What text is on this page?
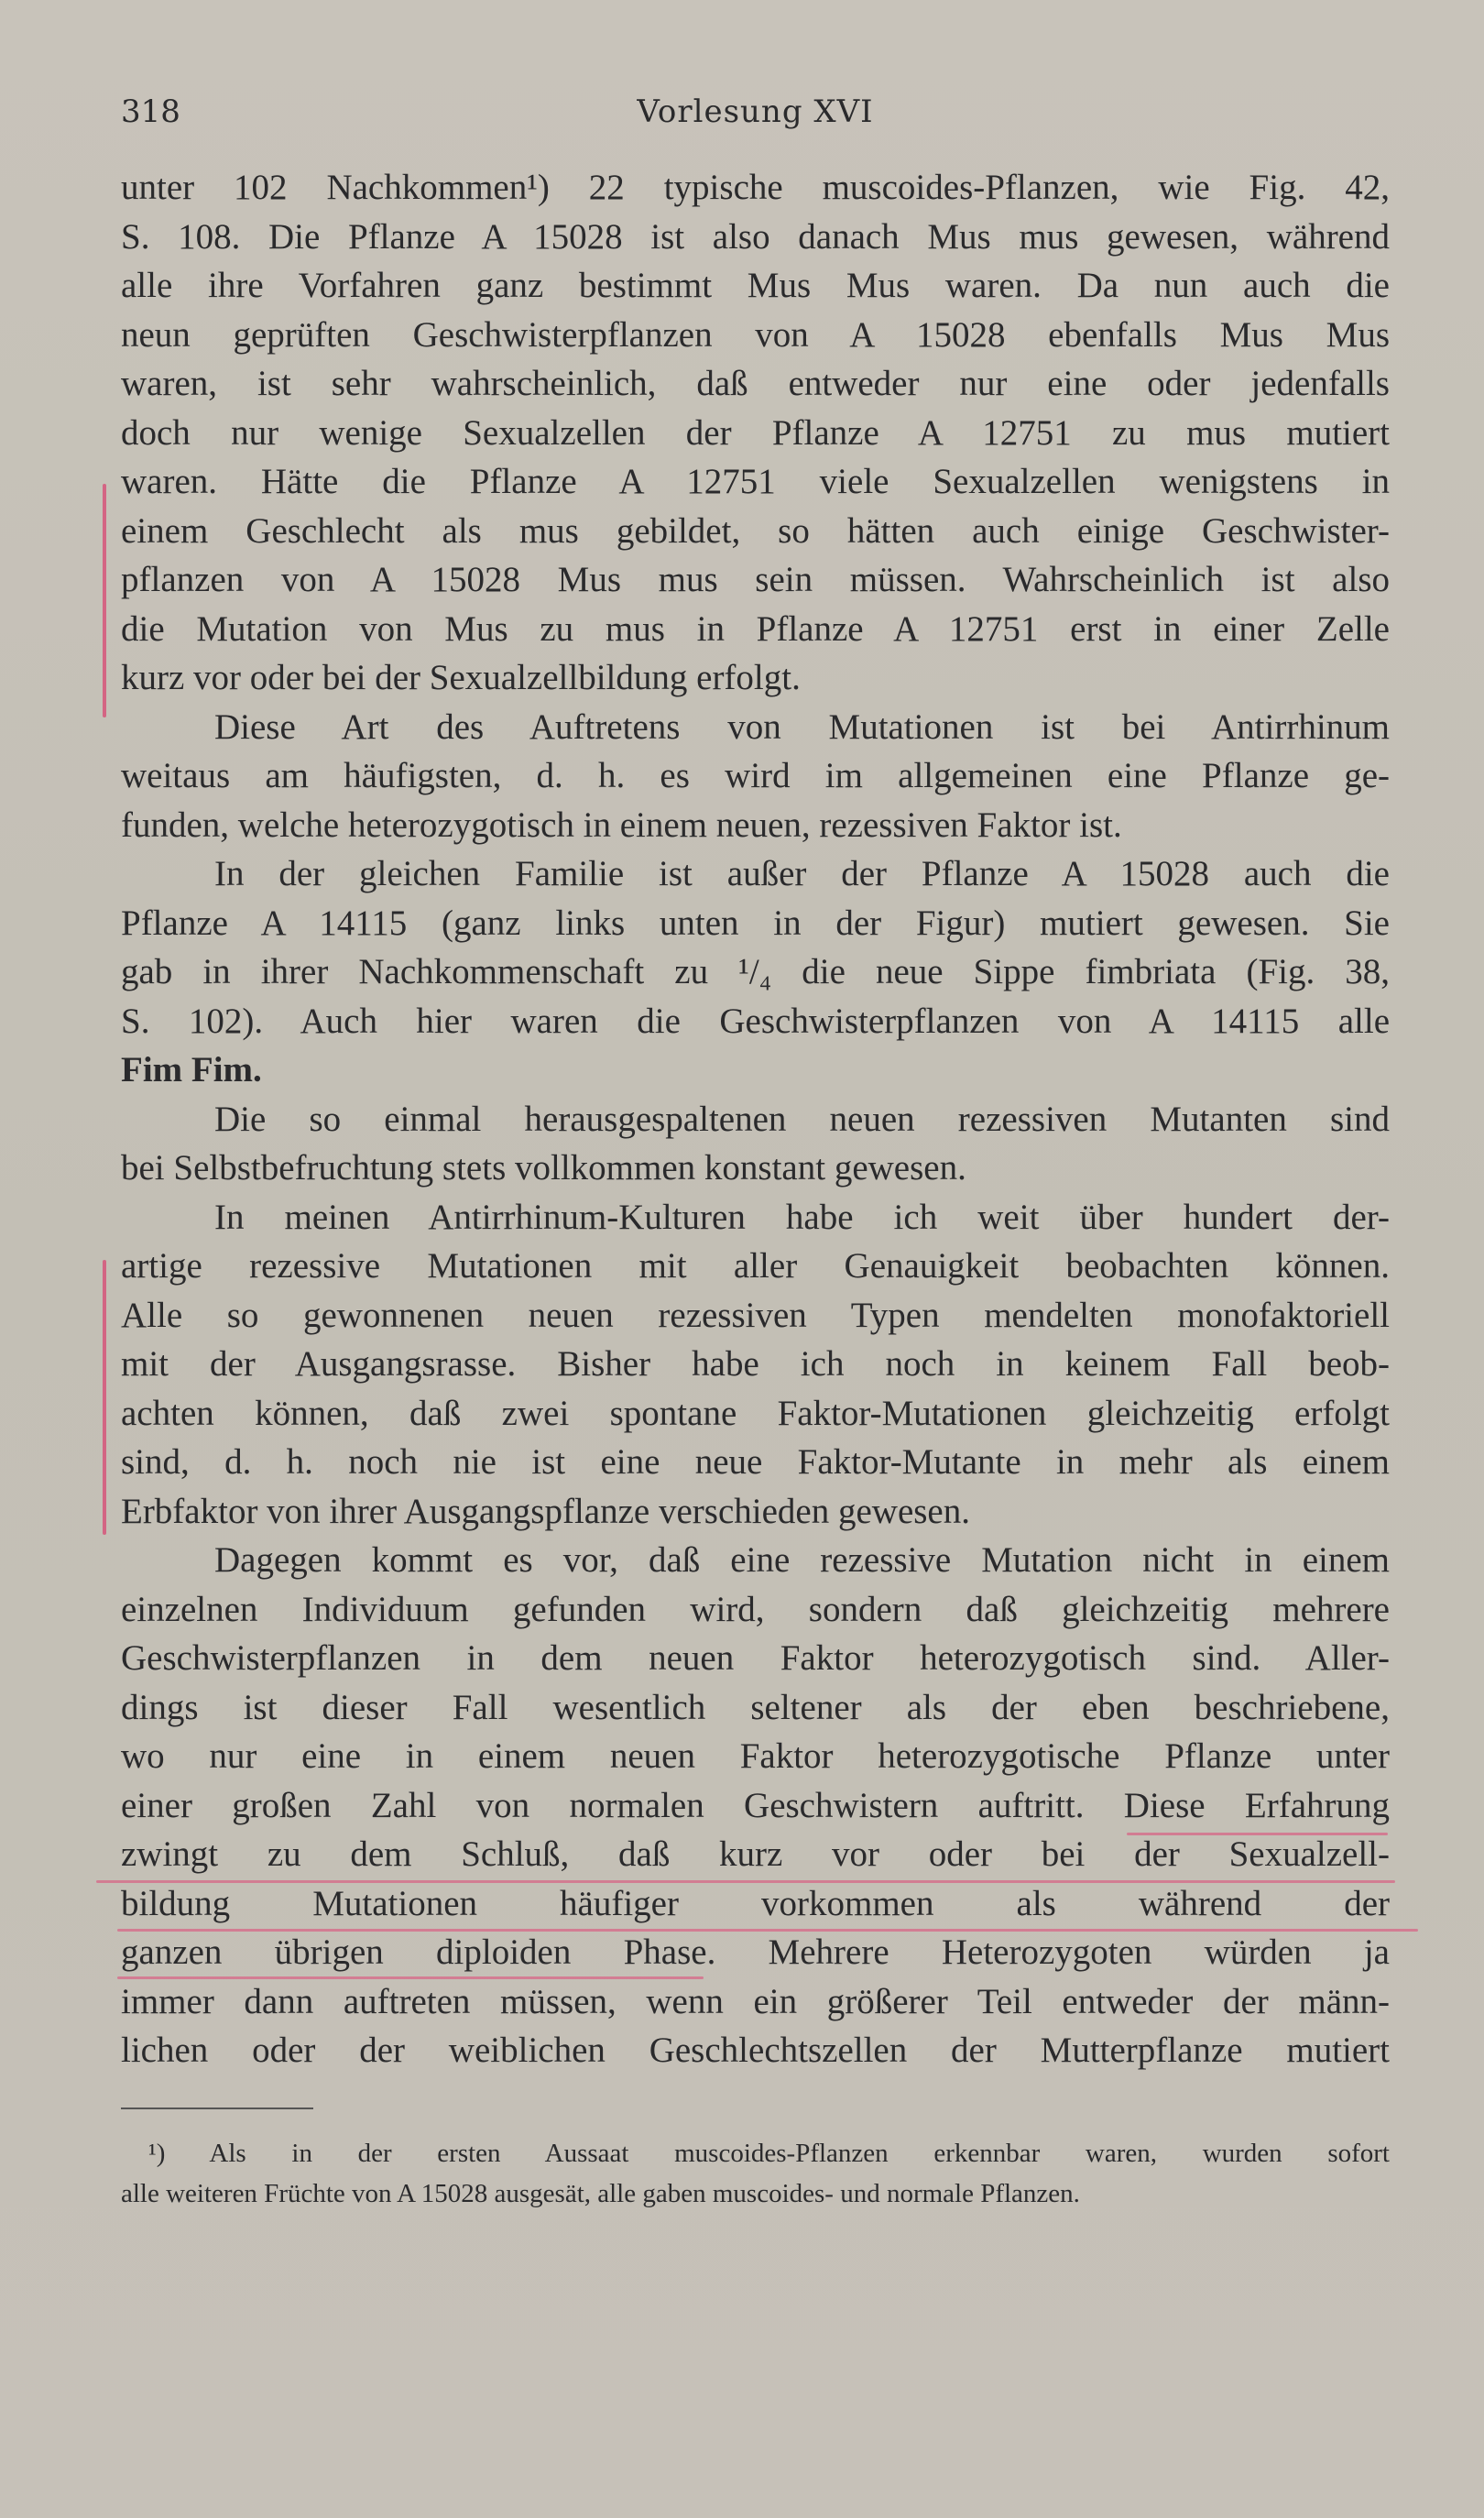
318	Vorlesung XVI

unter 102 Nachkommen¹) 22 typische muscoides-Pflanzen, wie Fig. 42,

S. 108. Die Pflanze A 15028 ist also danach Mus mus gewesen, während

alle ihre Vorfahren ganz bestimmt Mus Mus waren. Da nun auch die

neun geprüften Geschwisterpflanzen von A 15028 ebenfalls Mus Mus

waren, ist sehr wahrscheinlich, daß entweder nur eine oder jedenfalls

doch nur wenige Sexualzellen der Pflanze A 12751 zu mus mutiert

waren. Hätte die Pflanze A 12751 viele Sexualzellen wenigstens in

einem Geschlecht als mus gebildet, so hätten auch einige Geschwister-

pflanzen von A 15028 Mus mus sein müssen. Wahrscheinlich ist also

die Mutation von Mus zu mus in Pflanze A 12751 erst in einer Zelle

kurz vor oder bei der Sexualzellbildung erfolgt.

Diese Art des Auftretens von Mutationen ist bei Antirrhinum

weitaus am häufigsten, d. h. es wird im allgemeinen eine Pflanze ge-

funden, welche heterozygotisch in einem neuen, rezessiven Faktor ist.

In der gleichen Familie ist außer der Pflanze A 15028 auch die

Pflanze A 14115 (ganz links unten in der Figur) mutiert gewesen. Sie

gab in ihrer Nachkommenschaft zu ¹/₄ die neue Sippe fimbriata (Fig. 38,

S. 102). Auch hier waren die Geschwisterpflanzen von A 14115 alle

Fim Fim.

Die so einmal herausgespaltenen neuen rezessiven Mutanten sind

bei Selbstbefruchtung stets vollkommen konstant gewesen.

In meinen Antirrhinum-Kulturen habe ich weit über hundert der-

artige rezessive Mutationen mit aller Genauigkeit beobachten können.

Alle so gewonnenen neuen rezessiven Typen mendelten monofaktoriell

mit der Ausgangsrasse. Bisher habe ich noch in keinem Fall beob-

achten können, daß zwei spontane Faktor-Mutationen gleichzeitig erfolgt

sind, d. h. noch nie ist eine neue Faktor-Mutante in mehr als einem

Erbfaktor von ihrer Ausgangspflanze verschieden gewesen.

Dagegen kommt es vor, daß eine rezessive Mutation nicht in einem

einzelnen Individuum gefunden wird, sondern daß gleichzeitig mehrere

Geschwisterpflanzen in dem neuen Faktor heterozygotisch sind. Aller-

dings ist dieser Fall wesentlich seltener als der eben beschriebene,

wo nur eine in einem neuen Faktor heterozygotische Pflanze unter

einer großen Zahl von normalen Geschwistern auftritt. Diese Erfahrung

zwingt zu dem Schluß, daß kurz vor oder bei der Sexualzell-

bildung Mutationen häufiger vorkommen als während der

ganzen übrigen diploiden Phase. Mehrere Heterozygoten würden ja

immer dann auftreten müssen, wenn ein größerer Teil entweder der männ-

lichen oder der weiblichen Geschlechtszellen der Mutterpflanze mutiert

¹) Als in der ersten Aussaat muscoides-Pflanzen erkennbar waren, wurden sofort

alle weiteren Früchte von A 15028 ausgesät, alle gaben muscoides- und normale Pflanzen.
